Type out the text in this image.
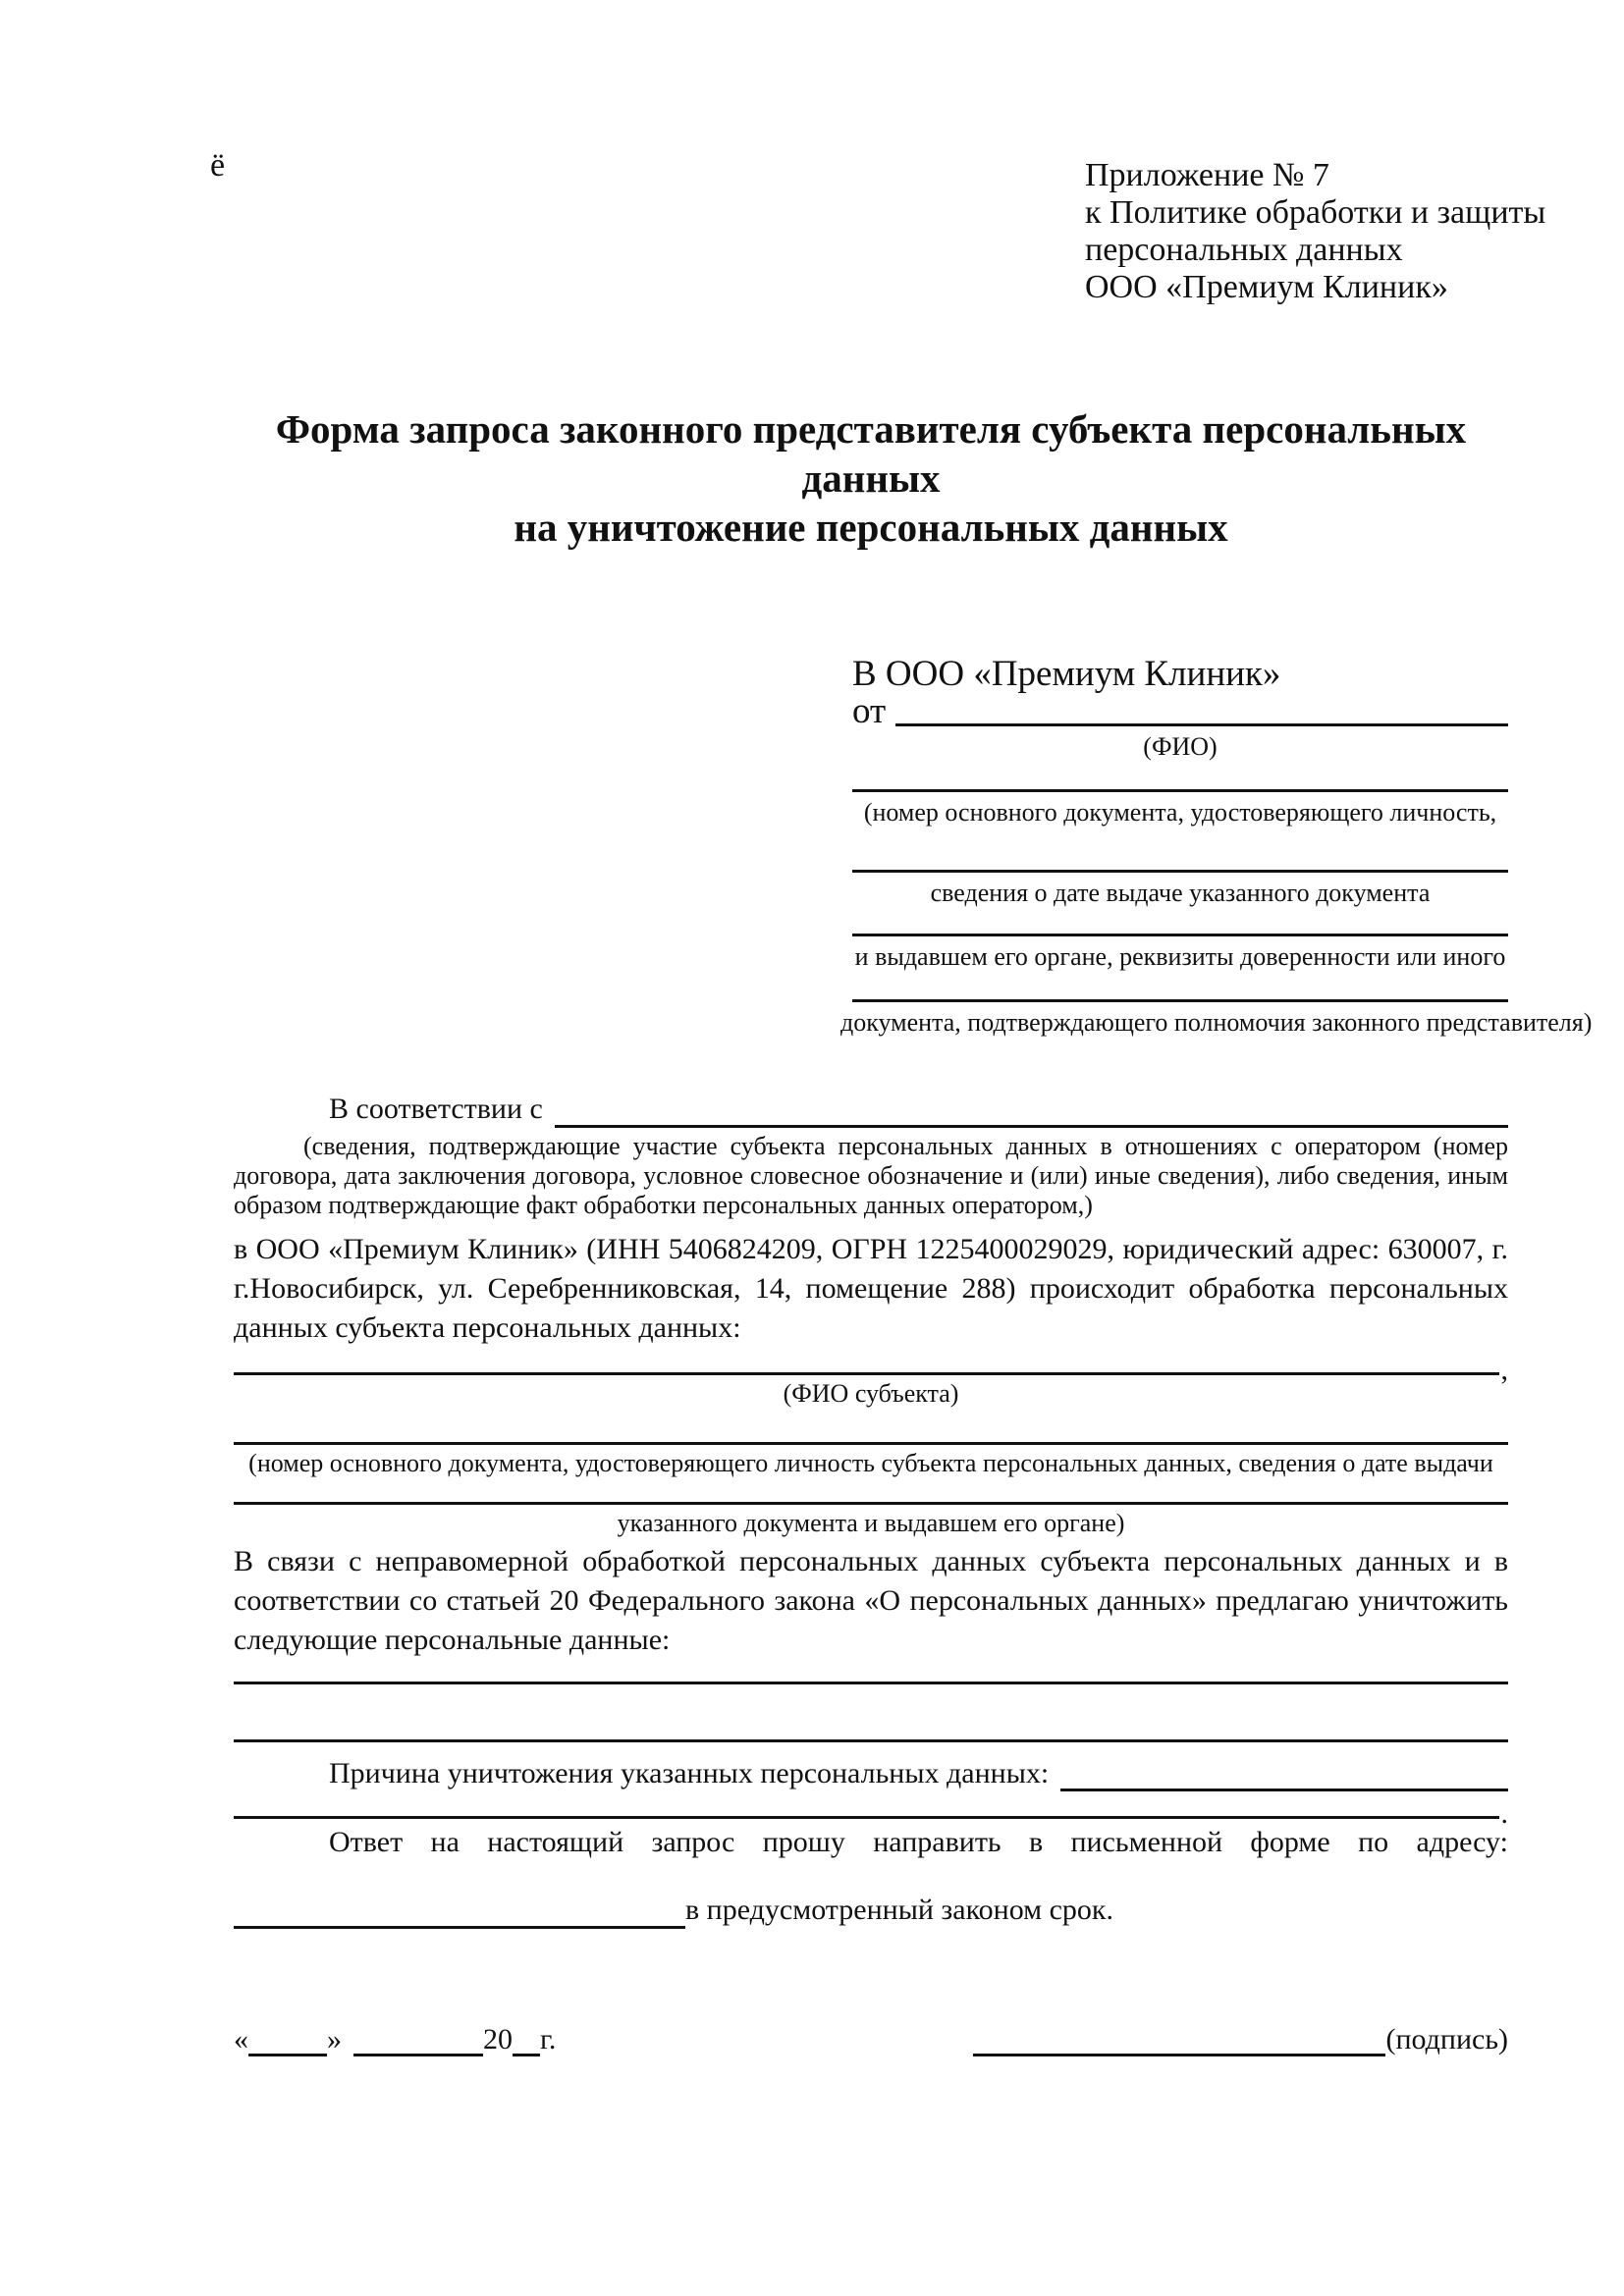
ё	Приложение № 7
к Политике обработки и защиты
персональных данных
ООО «Премиум Клиник»
Форма запроса законного представителя субъекта персональных данных
на уничтожение персональных данных
В ООО «Премиум Клиник»
от
(ФИО)
(номер основного документа, удостоверяющего личность,
сведения о дате выдаче указанного документа
и выдавшем его органе, реквизиты доверенности или иного
документа, подтверждающего полномочия законного представителя)
В соответствии с

(сведения, подтверждающие участие субъекта персональных данных в отношениях с оператором (номер договора, дата заключения договора, условное словесное обозначение и (или) иные сведения), либо сведения, иным образом подтверждающие факт обработки персональных данных оператором,)

в ООО «Премиум Клиник» (ИНН 5406824209, ОГРН 1225400029029, юридический адрес: 630007, г. г.Новосибирск, ул. Серебренниковская, 14, помещение 288) происходит обработка персональных данных субъекта персональных данных:

,
(ФИО субъекта)
(номер основного документа, удостоверяющего личность субъекта персональных данных, сведения о дате выдачи
указанного документа и выдавшем его органе)

В связи с неправомерной обработкой персональных данных субъекта персональных данных и в соответствии со статьей 20 Федерального закона «О персональных данных» предлагаю уничтожить следующие персональные данные:

Причина уничтожения указанных персональных данных:
.

Ответ на настоящий запрос прошу направить в письменной форме по адресу:

в предусмотренный законом срок.
«	»	20 г.	(подпись)
